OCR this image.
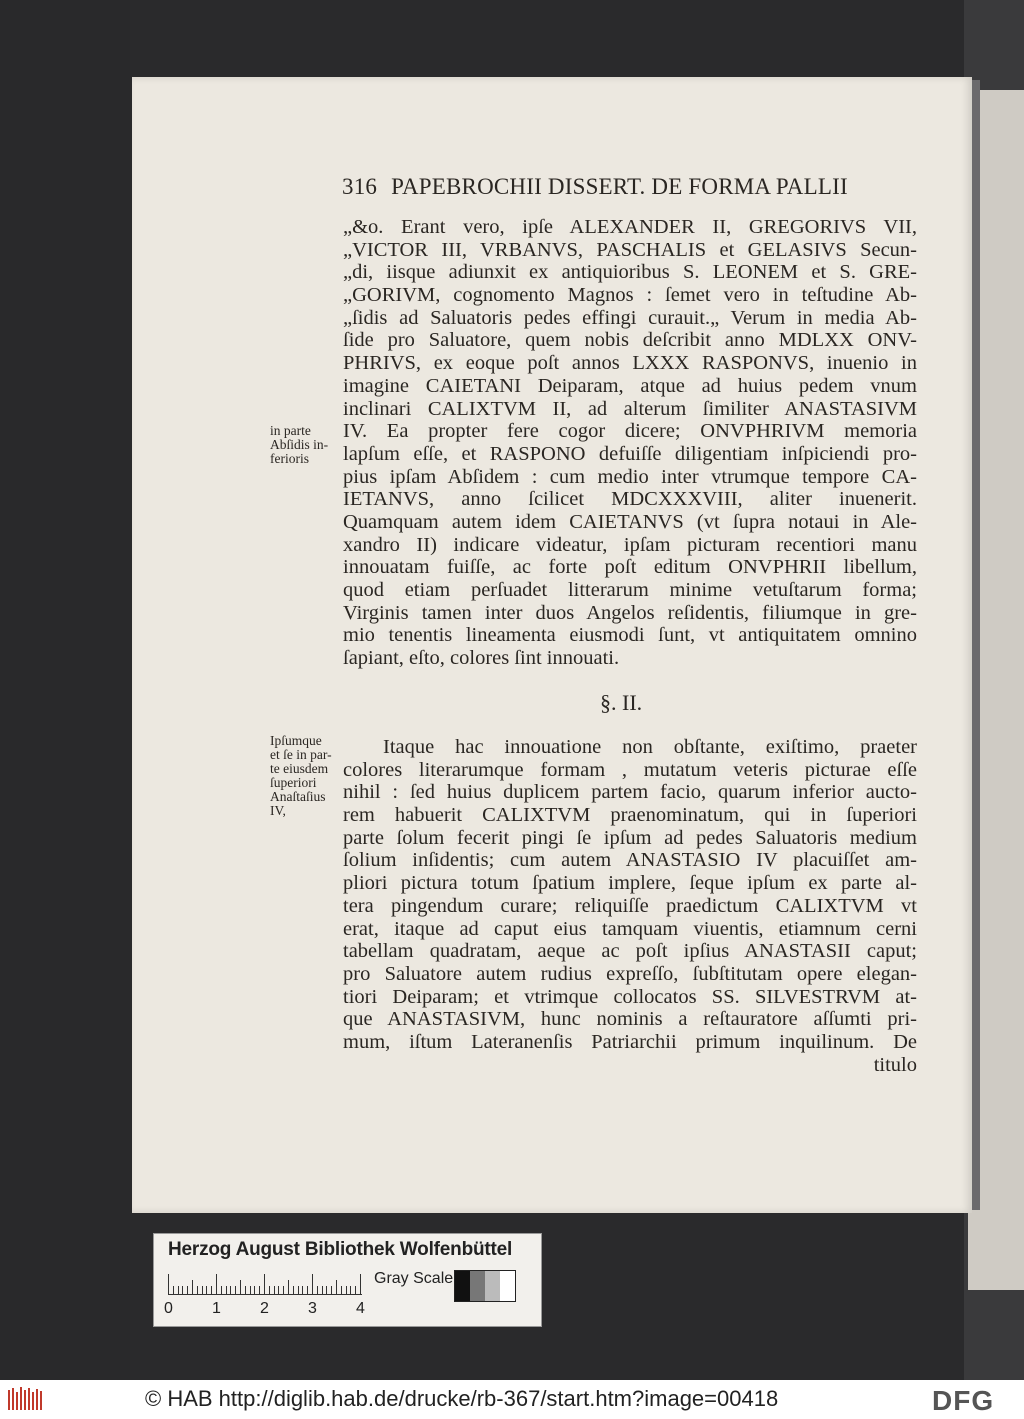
316 PAPEBROCHII DISSERT. DE FORMA PALLII
„&o. Erant vero, ipſe ALEXANDER II, GREGORIVS VII,
„VICTOR III, VRBANVS, PASCHALIS et GELASIVS Secun-
„di, iisque adiunxit ex antiquioribus S. LEONEM et S. GRE-
„GORIVM, cognomento Magnos : ſemet vero in teſtudine Ab-
„ſidis ad Saluatoris pedes effingi curauit.„ Verum in media Ab-
ſide pro Saluatore, quem nobis deſcribit anno MDLXX ONV-
PHRIVS, ex eoque poſt annos LXXX RASPONVS, inuenio in
imagine CAIETANI Deiparam, atque ad huius pedem vnum
inclinari CALIXTVM II, ad alterum ſimiliter ANASTASIVM
IV. Ea propter fere cogor dicere; ONVPHRIVM memoria
lapſum eſſe, et RASPONO defuiſſe diligentiam inſpiciendi pro-
pius ipſam Abſidem : cum medio inter vtrumque tempore CA-
IETANVS, anno ſcilicet MDCXXXVIII, aliter inuenerit.
Quamquam autem idem CAIETANVS (vt ſupra notaui in Ale-
xandro II) indicare videatur, ipſam picturam recentiori manu
innouatam fuiſſe, ac forte poſt editum ONVPHRII libellum,
quod etiam perſuadet litterarum minime vetuſtarum forma;
Virginis tamen inter duos Angelos reſidentis, filiumque in gre-
mio tenentis lineamenta eiusmodi ſunt, vt antiquitatem omnino
ſapiant, eſto, colores ſint innouati.
in parte
Abſidis in-
ferioris
§. II.
Itaque hac innouatione non obſtante, exiſtimo, praeter
colores literarumque formam , mutatum veteris picturae eſſe
nihil : ſed huius duplicem partem facio, quarum inferior aucto-
rem habuerit CALIXTVM praenominatum, qui in ſuperiori
parte ſolum fecerit pingi ſe ipſum ad pedes Saluatoris medium
ſolium inſidentis; cum autem ANASTASIO IV placuiſſet am-
pliori pictura totum ſpatium implere, ſeque ipſum ex parte al-
tera pingendum curare; reliquiſſe praedictum CALIXTVM vt
erat, itaque ad caput eius tamquam viuentis, etiamnum cerni
tabellam quadratam, aeque ac poſt ipſius ANASTASII caput;
pro Saluatore autem rudius expreſſo, ſubſtitutam opere elegan-
tiori Deiparam; et vtrimque collocatos SS. SILVESTRVM at-
que ANASTASIVM, hunc nominis a reſtauratore aſſumti pri-
mum, iſtum Lateranenſis Patriarchii primum inquilinum. De
titulo
Ipſumque
et ſe in par-
te eiusdem
ſuperiori
Anaſtaſius
IV,
Herzog August Bibliothek Wolfenbüttel
0 1 2 3 4
Gray Scale
© HAB http://diglib.hab.de/drucke/rb-367/start.htm?image=00418	DFG
